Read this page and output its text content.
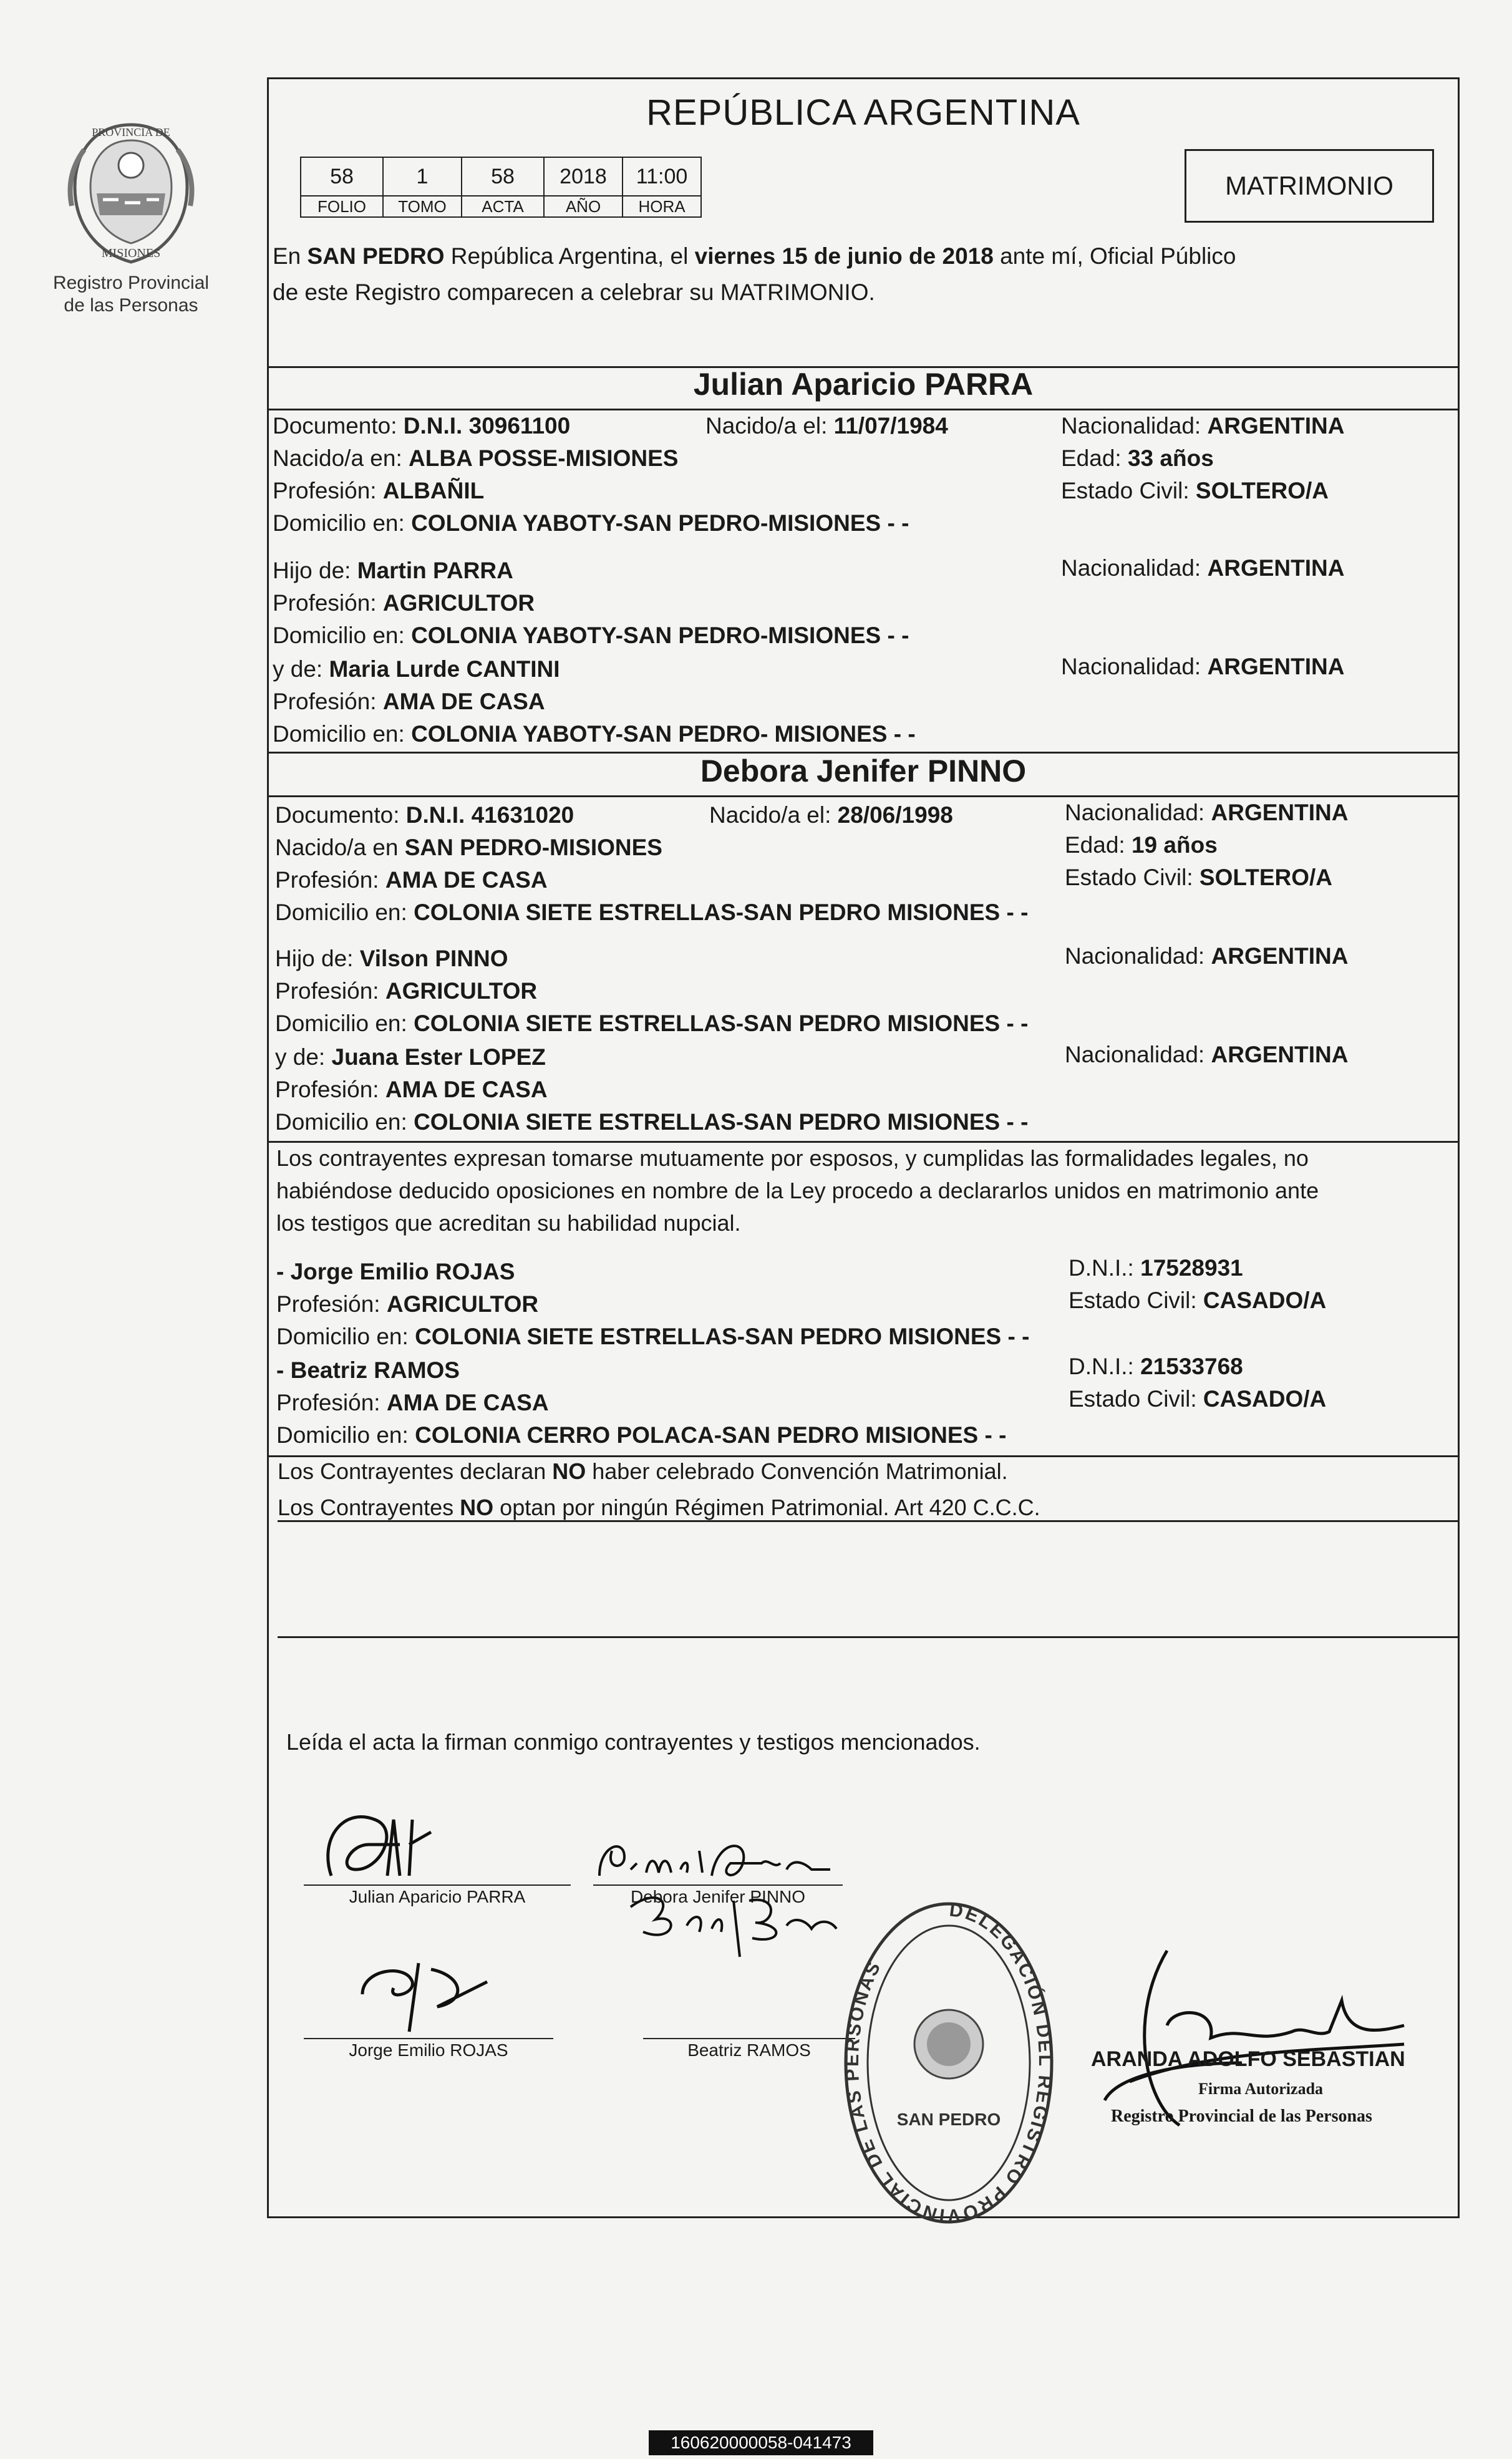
PROVINCIA DE
MISIONES
Registro Provincial
de las Personas
REPÚBLICA ARGENTINA
58	1	58	2018	11:00
FOLIO	TOMO	ACTA	AÑO	HORA
MATRIMONIO
En SAN PEDRO República Argentina, el viernes 15 de junio de 2018 ante mí, Oficial Público
de este Registro comparecen a celebrar su MATRIMONIO.
Julian Aparicio PARRA
Documento: D.N.I. 30961100	Nacido/a el: 11/07/1984	Nacionalidad: ARGENTINA
Nacido/a en: ALBA POSSE-MISIONES	Edad: 33 años
Profesión: ALBAÑIL	Estado Civil: SOLTERO/A
Domicilio en: COLONIA YABOTY-SAN PEDRO-MISIONES - -
Hijo de: Martin PARRA	Nacionalidad: ARGENTINA
Profesión: AGRICULTOR
Domicilio en: COLONIA YABOTY-SAN PEDRO-MISIONES - -
y de: Maria Lurde CANTINI	Nacionalidad: ARGENTINA
Profesión: AMA DE CASA
Domicilio en: COLONIA YABOTY-SAN PEDRO- MISIONES - -
Debora Jenifer PINNO
Documento: D.N.I. 41631020	Nacido/a el: 28/06/1998	Nacionalidad: ARGENTINA
Nacido/a en SAN PEDRO-MISIONES	Edad: 19 años
Profesión: AMA DE CASA	Estado Civil: SOLTERO/A
Domicilio en: COLONIA SIETE ESTRELLAS-SAN PEDRO MISIONES - -
Hijo de: Vilson PINNO	Nacionalidad: ARGENTINA
Profesión: AGRICULTOR
Domicilio en: COLONIA SIETE ESTRELLAS-SAN PEDRO MISIONES - -
y de: Juana Ester LOPEZ	Nacionalidad: ARGENTINA
Profesión: AMA DE CASA
Domicilio en: COLONIA SIETE ESTRELLAS-SAN PEDRO MISIONES - -
Los contrayentes expresan tomarse mutuamente por esposos, y cumplidas las formalidades legales, no
habiéndose deducido oposiciones en nombre de la Ley procedo a declararlos unidos en matrimonio ante
los testigos que acreditan su habilidad nupcial.
- Jorge Emilio ROJAS	D.N.I.: 17528931
Profesión: AGRICULTOR	Estado Civil: CASADO/A
Domicilio en: COLONIA SIETE ESTRELLAS-SAN PEDRO MISIONES - -
- Beatriz RAMOS	D.N.I.: 21533768
Profesión: AMA DE CASA	Estado Civil: CASADO/A
Domicilio en: COLONIA CERRO POLACA-SAN PEDRO MISIONES - -
Los Contrayentes declaran NO haber celebrado Convención Matrimonial.
Los Contrayentes NO optan por ningún Régimen Patrimonial. Art 420 C.C.C.
Leída el acta la firman conmigo contrayentes y testigos mencionados.
Julian Aparicio PARRA	Debora Jenifer PINNO
Jorge Emilio ROJAS	Beatriz RAMOS
DELEGACIÓN DEL REGISTRO PROVINCIAL DE LAS PERSONAS
SAN PEDRO
ARANDA ADOLFO SEBASTIAN
Firma Autorizada
Registro Provincial de las Personas
160620000058-041473
